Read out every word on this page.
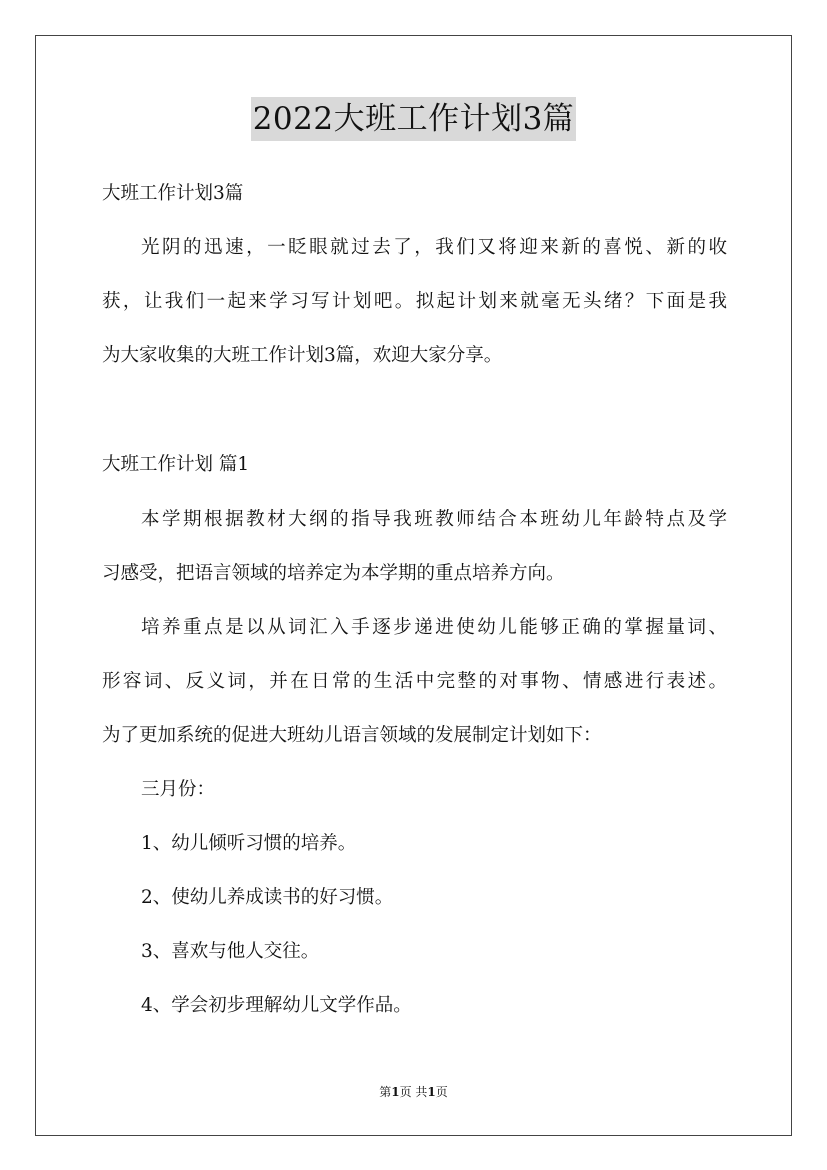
2022大班工作计划3篇
大班工作计划3篇
光阴的迅速，一眨眼就过去了，我们又将迎来新的喜悦、新的收
获，让我们一起来学习写计划吧。拟起计划来就毫无头绪？下面是我
为大家收集的大班工作计划3篇，欢迎大家分享。
大班工作计划 篇1
本学期根据教材大纲的指导我班教师结合本班幼儿年龄特点及学
习感受，把语言领域的培养定为本学期的重点培养方向。
培养重点是以从词汇入手逐步递进使幼儿能够正确的掌握量词、
形容词、反义词，并在日常的生活中完整的对事物、情感进行表述。
为了更加系统的促进大班幼儿语言领域的发展制定计划如下：
三月份：
1、幼儿倾听习惯的培养。
2、使幼儿养成读书的好习惯。
3、喜欢与他人交往。
4、学会初步理解幼儿文学作品。
第1页 共1页
